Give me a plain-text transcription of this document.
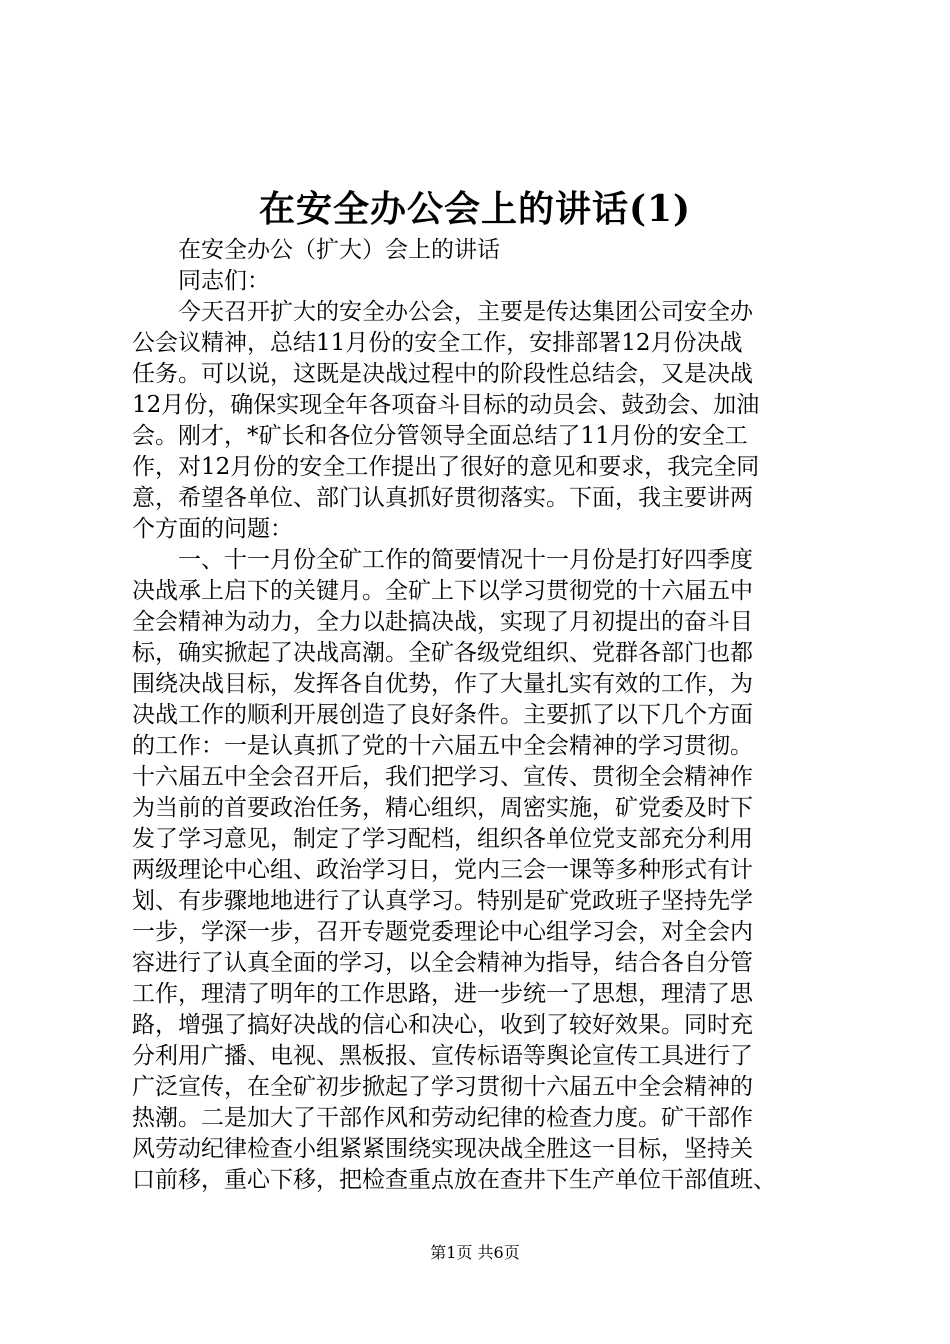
在安全办公会上的讲话(1)
在安全办公（扩大）会上的讲话
同志们：
今天召开扩大的安全办公会，主要是传达集团公司安全办
公会议精神，总结11月份的安全工作，安排部署12月份决战
任务。可以说，这既是决战过程中的阶段性总结会，又是决战
12月份，确保实现全年各项奋斗目标的动员会、鼓劲会、加油
会。刚才，*矿长和各位分管领导全面总结了11月份的安全工
作，对12月份的安全工作提出了很好的意见和要求，我完全同
意，希望各单位、部门认真抓好贯彻落实。下面，我主要讲两
个方面的问题：
一、十一月份全矿工作的简要情况十一月份是打好四季度
决战承上启下的关键月。全矿上下以学习贯彻党的十六届五中
全会精神为动力，全力以赴搞决战，实现了月初提出的奋斗目
标，确实掀起了决战高潮。全矿各级党组织、党群各部门也都
围绕决战目标，发挥各自优势，作了大量扎实有效的工作，为
决战工作的顺利开展创造了良好条件。主要抓了以下几个方面
的工作：一是认真抓了党的十六届五中全会精神的学习贯彻。
十六届五中全会召开后，我们把学习、宣传、贯彻全会精神作
为当前的首要政治任务，精心组织，周密实施，矿党委及时下
发了学习意见，制定了学习配档，组织各单位党支部充分利用
两级理论中心组、政治学习日，党内三会一课等多种形式有计
划、有步骤地地进行了认真学习。特别是矿党政班子坚持先学
一步，学深一步，召开专题党委理论中心组学习会，对全会内
容进行了认真全面的学习，以全会精神为指导，结合各自分管
工作，理清了明年的工作思路，进一步统一了思想，理清了思
路，增强了搞好决战的信心和决心，收到了较好效果。同时充
分利用广播、电视、黑板报、宣传标语等舆论宣传工具进行了
广泛宣传，在全矿初步掀起了学习贯彻十六届五中全会精神的
热潮。二是加大了干部作风和劳动纪律的检查力度。矿干部作
风劳动纪律检查小组紧紧围绕实现决战全胜这一目标，坚持关
口前移，重心下移，把检查重点放在查井下生产单位干部值班、
第1页 共6页
